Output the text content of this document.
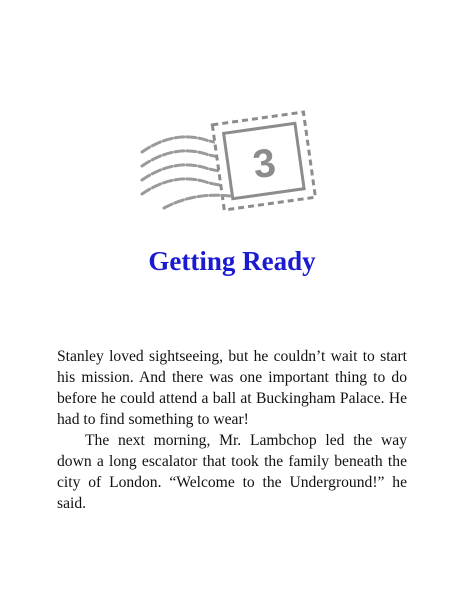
3
Getting Ready

Stanley loved sightseeing, but he couldn’t wait to start his mission. And there was one important thing to do before he could attend a ball at Buckingham Palace. He had to find something to wear!

The next morning, Mr. Lambchop led the way down a long escalator that took the family beneath the city of London. “Welcome to the Underground!” he said.
